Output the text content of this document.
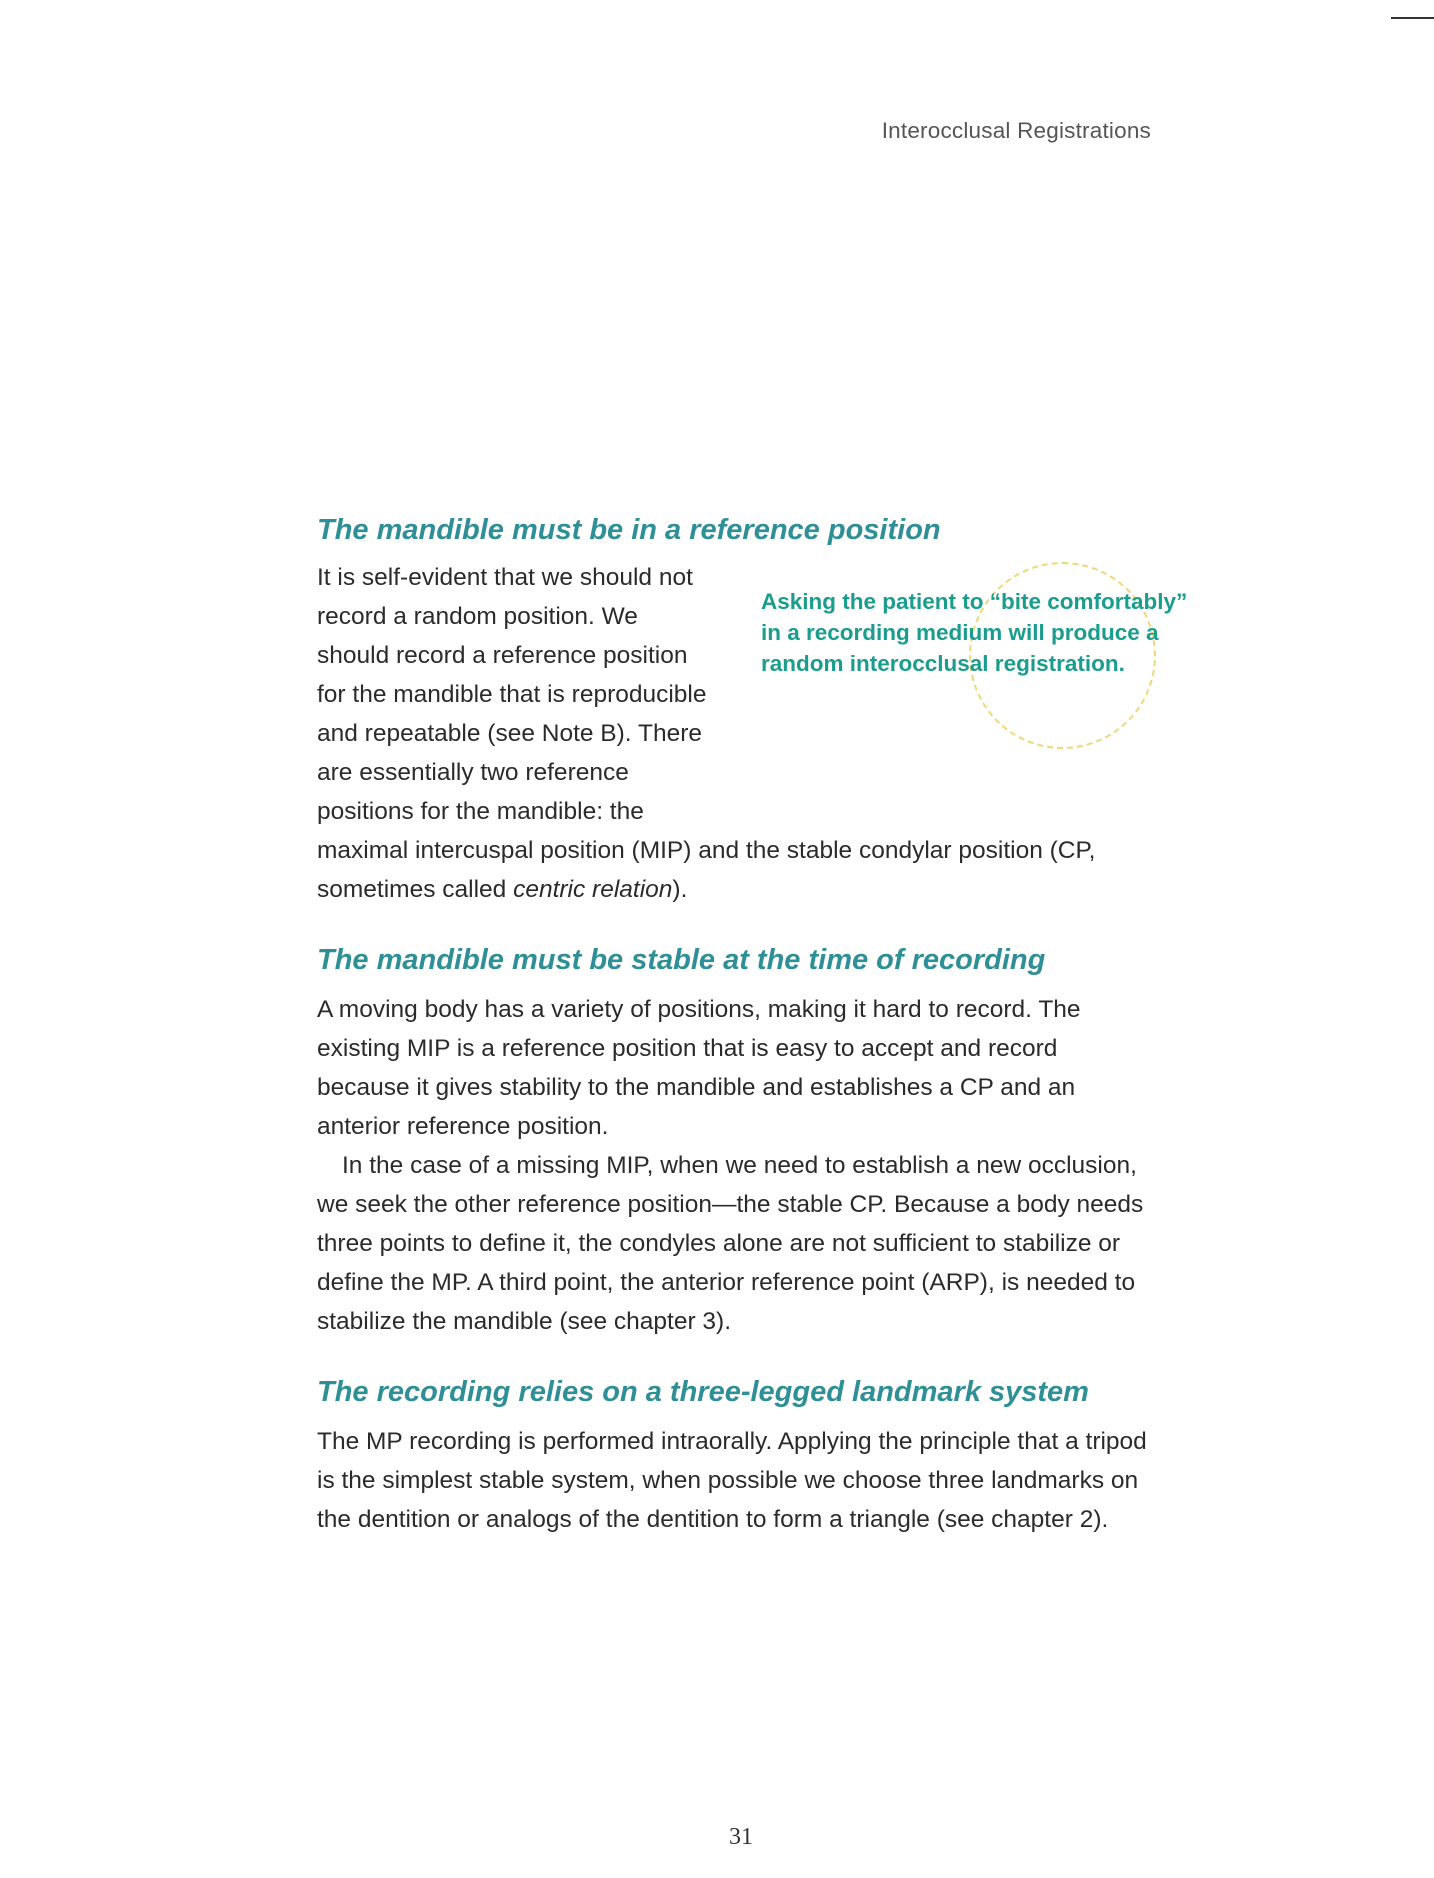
Interocclusal Registrations
The mandible must be in a reference position

Asking the patient to “bite comfortably” in a recording medium will produce a random interocclusal registration.

It is self-evident that we should not record a random position. We should record a reference position for the mandible that is reproducible and repeatable (see Note B). There are essentially two reference positions for the mandible: the maximal intercuspal position (MIP) and the stable condylar position (CP, sometimes called centric relation).

The mandible must be stable at the time of recording

A moving body has a variety of positions, making it hard to record. The existing MIP is a reference position that is easy to accept and record because it gives stability to the mandible and establishes a CP and an anterior reference position.

In the case of a missing MIP, when we need to establish a new occlusion, we seek the other reference position—the stable CP. Because a body needs three points to define it, the condyles alone are not sufficient to stabilize or define the MP. A third point, the anterior reference point (ARP), is needed to stabilize the mandible (see chapter 3).

The recording relies on a three-legged landmark system

The MP recording is performed intraorally. Applying the principle that a tripod is the simplest stable system, when possible we choose three landmarks on the dentition or analogs of the dentition to form a triangle (see chapter 2).

31
